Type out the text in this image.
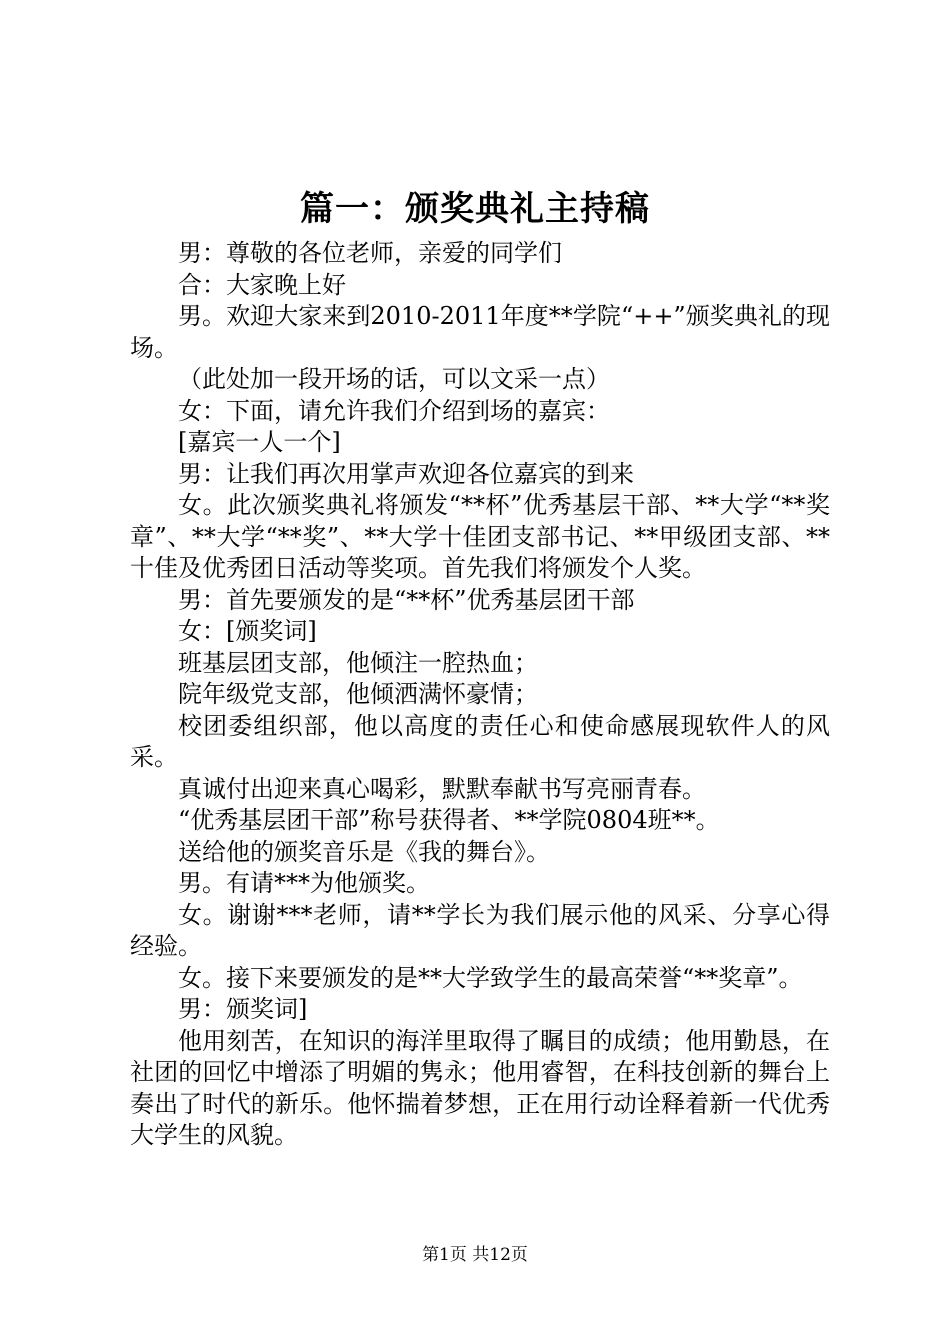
篇一：颁奖典礼主持稿

男：尊敬的各位老师，亲爱的同学们

合：大家晚上好

男。欢迎大家来到2010-2011年度**学院“++”颁奖典礼的现场。

（此处加一段开场的话，可以文采一点）

女：下面，请允许我们介绍到场的嘉宾：

[嘉宾一人一个]

男：让我们再次用掌声欢迎各位嘉宾的到来

女。此次颁奖典礼将颁发“**杯”优秀基层干部、**大学“**奖章”、**大学“**奖”、**大学十佳团支部书记、**甲级团支部、**十佳及优秀团日活动等奖项。首先我们将颁发个人奖。

男：首先要颁发的是“**杯”优秀基层团干部

女：[颁奖词]

班基层团支部，他倾注一腔热血；

院年级党支部，他倾洒满怀豪情；

校团委组织部，他以高度的责任心和使命感展现软件人的风采。

真诚付出迎来真心喝彩，默默奉献书写亮丽青春。

“优秀基层团干部”称号获得者、**学院0804班**。

送给他的颁奖音乐是《我的舞台》。

男。有请***为他颁奖。

女。谢谢***老师，请**学长为我们展示他的风采、分享心得经验。

女。接下来要颁发的是**大学致学生的最高荣誉“**奖章”。

男：颁奖词]

他用刻苦，在知识的海洋里取得了瞩目的成绩；他用勤恳，在社团的回忆中增添了明媚的隽永；他用睿智，在科技创新的舞台上奏出了时代的新乐。他怀揣着梦想，正在用行动诠释着新一代优秀大学生的风貌。

第1页 共12页
